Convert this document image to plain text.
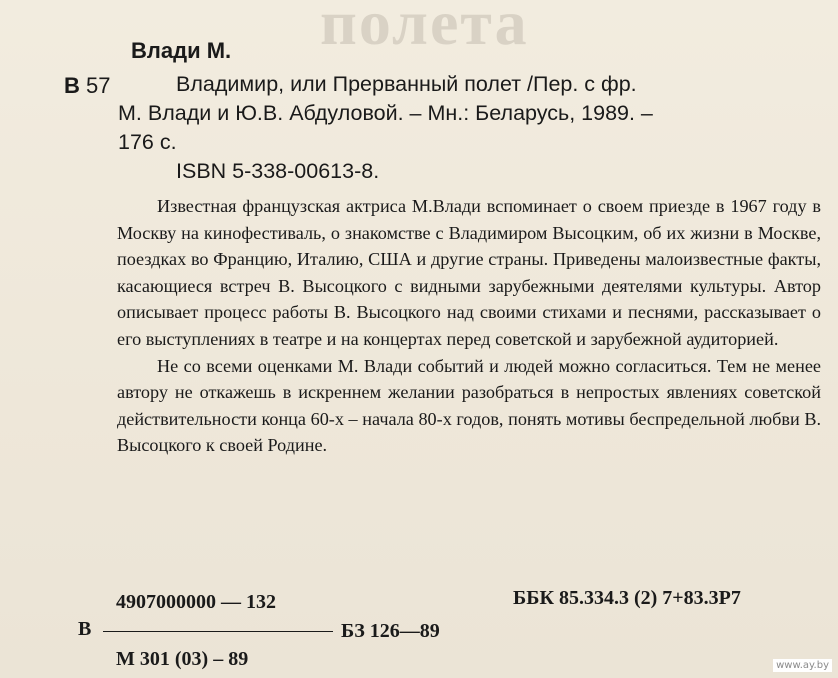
полета
Влади М.
В 57	Владимир, или Прерванный полет /Пер. с фр.
М. Влади и Ю.В. Абдуловой. – Мн.: Беларусь, 1989. –
176 с.
ISBN 5-338-00613-8.

Известная французская актриса М.Влади вспоминает о своем приезде в 1967 году в Москву на кинофестиваль, о знакомстве с Владимиром Высоцким, об их жизни в Москве, поездках во Францию, Италию, США и другие страны. Приведены малоизвестные факты, касающиеся встреч В. Высоцкого с видными зарубежными деятелями культуры. Автор описывает процесс работы В. Высоцкого над своими стихами и песнями, рассказывает о его выступлениях в театре и на концертах перед советской и зарубежной аудиторией.

Не со всеми оценками М. Влади событий и людей можно согласиться. Тем не менее автору не откажешь в искреннем желании разобраться в непростых явлениях советской действительности конца 60-х – начала 80-х годов, понять мотивы беспредельной любви В. Высоцкого к своей Родине.

4907000000 — 132	ББК 85.334.3 (2) 7+83.3Р7
В	БЗ 126—89
М 301 (03) – 89	www.ay.by
